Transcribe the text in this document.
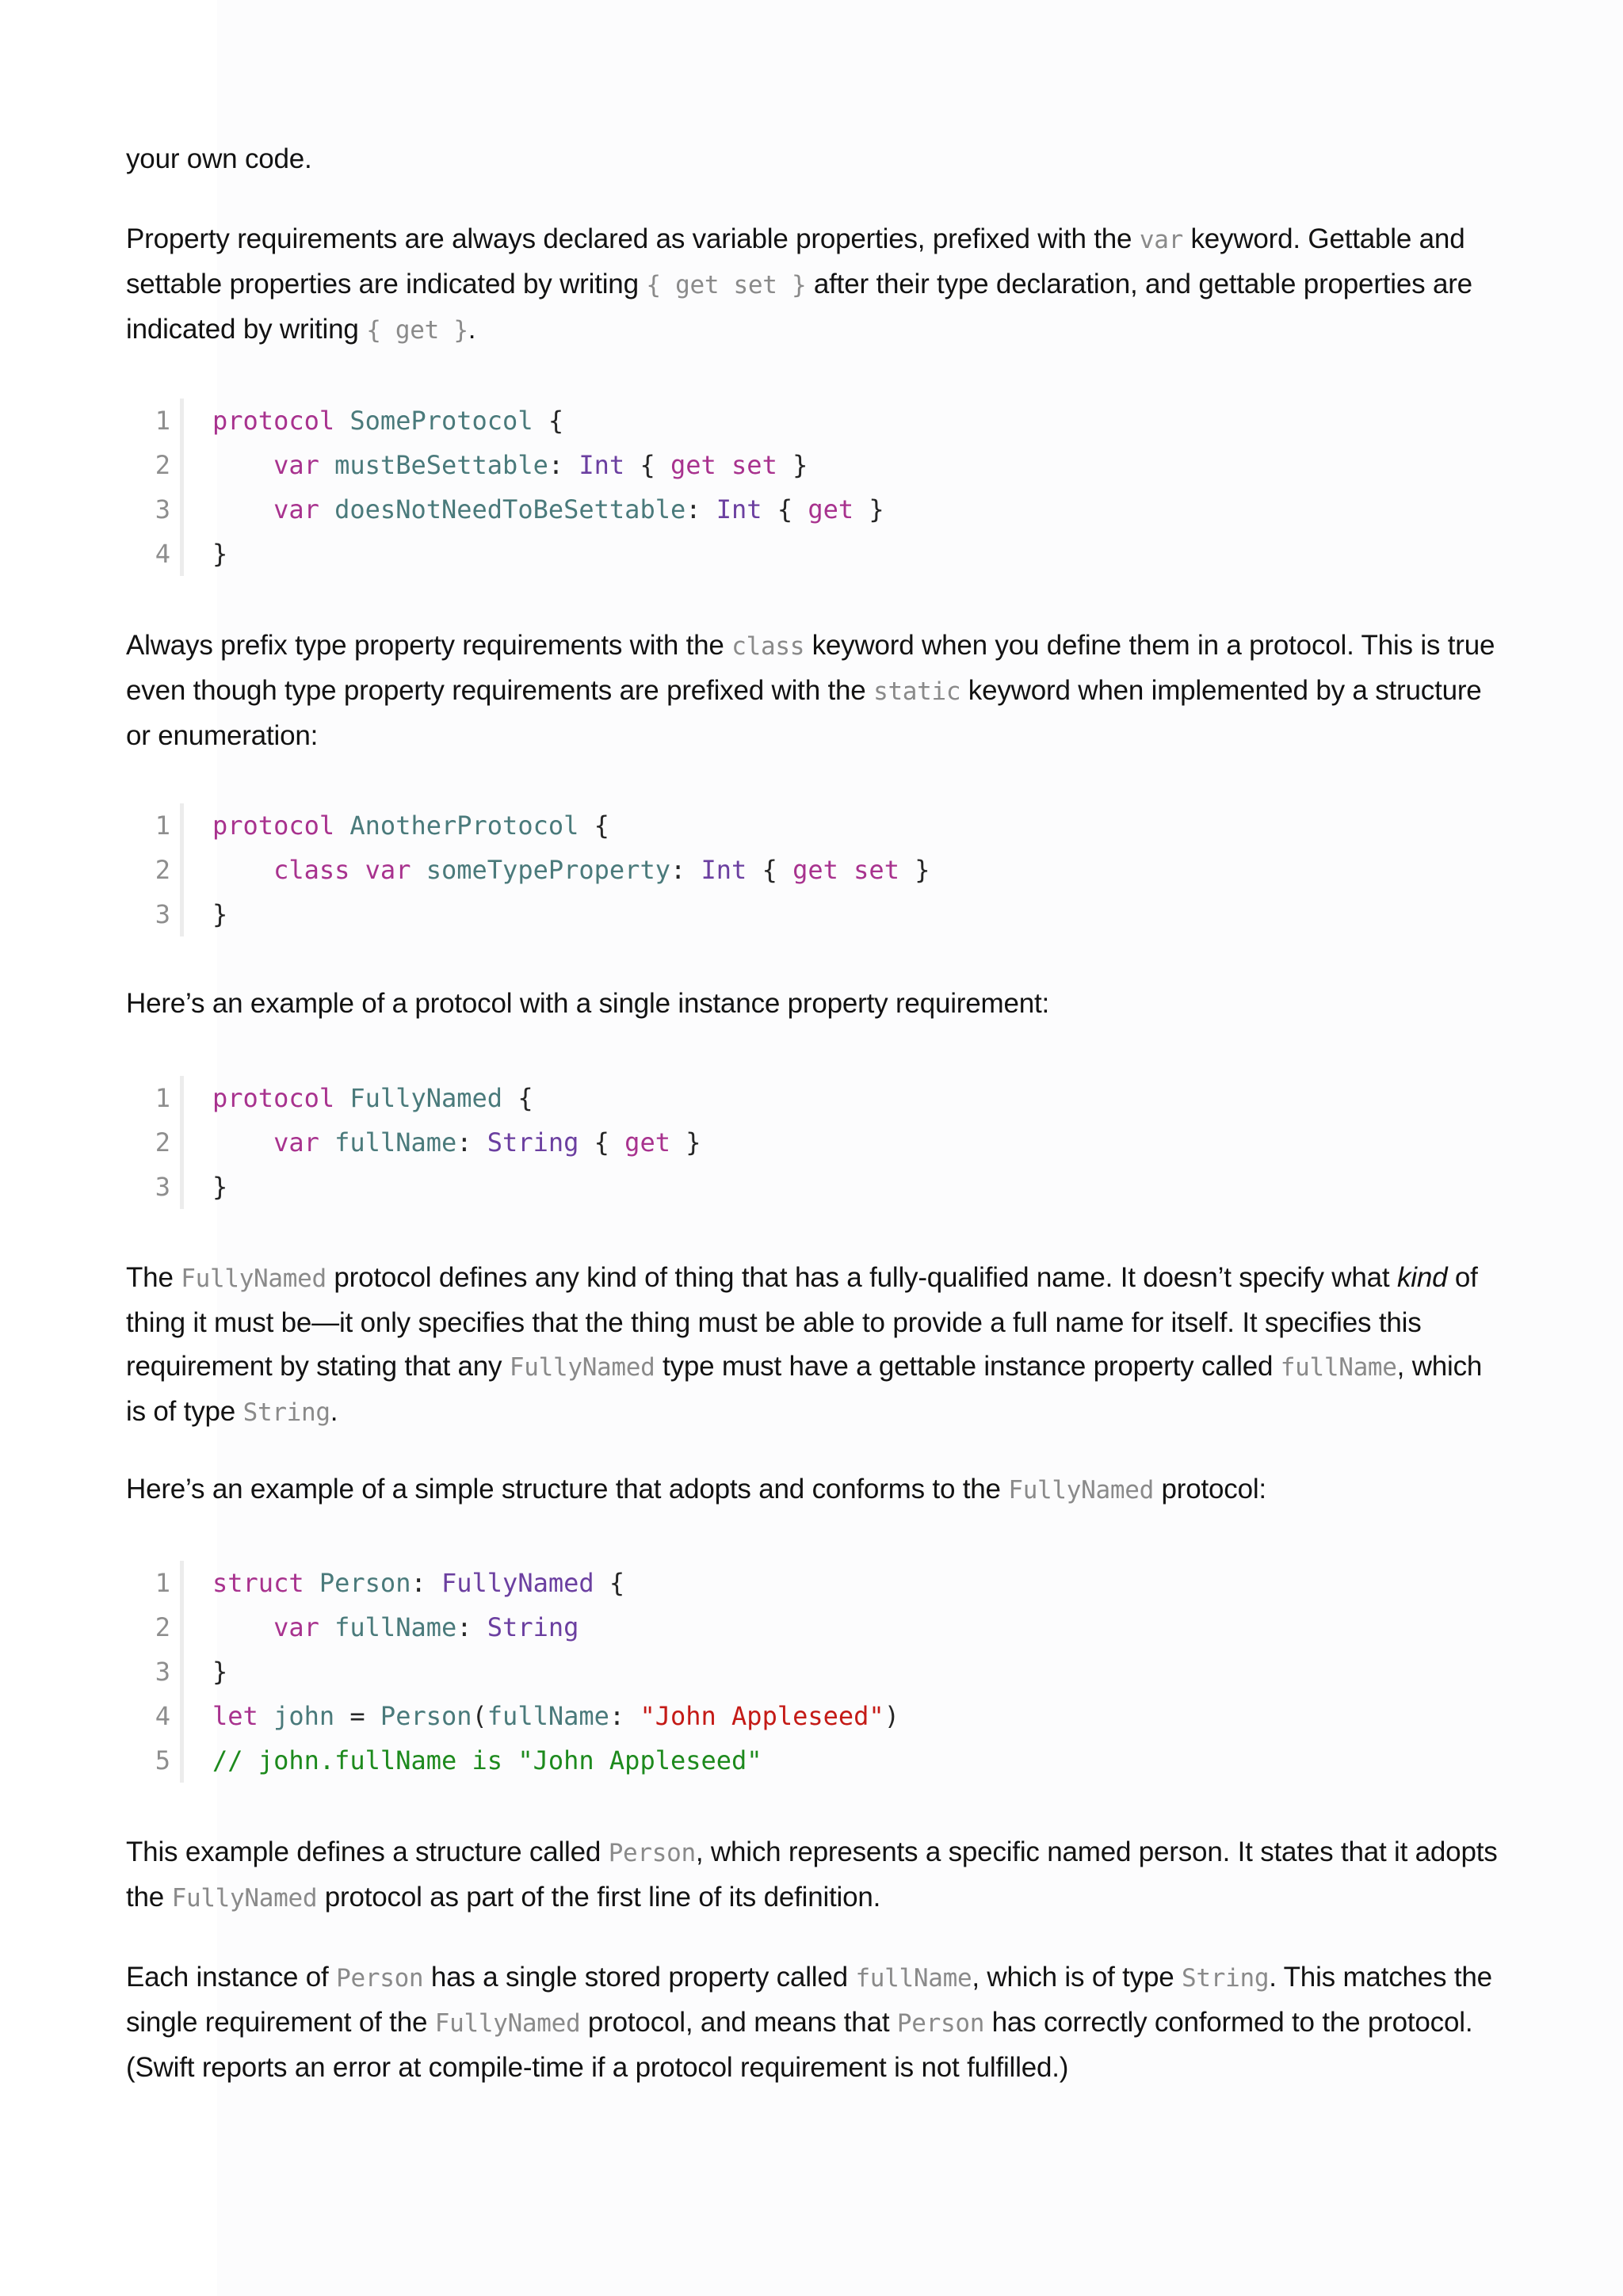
your own code.

Property requirements are always declared as variable properties, prefixed with the var keyword. Gettable and settable properties are indicated by writing { get set } after their type declaration, and gettable properties are indicated by writing { get }.

1 protocol SomeProtocol {
2	var mustBeSettable: Int { get set }
3	var doesNotNeedToBeSettable: Int { get }
4 }

Always prefix type property requirements with the class keyword when you define them in a protocol. This is true even though type property requirements are prefixed with the static keyword when implemented by a structure or enumeration:

1 protocol AnotherProtocol {
2	class var someTypeProperty: Int { get set }
3 }

Here’s an example of a protocol with a single instance property requirement:

1 protocol FullyNamed {
2	var fullName: String { get }
3 }

The FullyNamed protocol defines any kind of thing that has a fully-qualified name. It doesn’t specify what kind of thing it must be—it only specifies that the thing must be able to provide a full name for itself. It specifies this requirement by stating that any FullyNamed type must have a gettable instance property called fullName, which is of type String.

Here’s an example of a simple structure that adopts and conforms to the FullyNamed protocol:

1 struct Person: FullyNamed {
2	var fullName: String
3 }
4 let john = Person(fullName: "John Appleseed")
5 // john.fullName is "John Appleseed"

This example defines a structure called Person, which represents a specific named person. It states that it adopts the FullyNamed protocol as part of the first line of its definition.

Each instance of Person has a single stored property called fullName, which is of type String. This matches the single requirement of the FullyNamed protocol, and means that Person has correctly conformed to the protocol. (Swift reports an error at compile-time if a protocol requirement is not fulfilled.)
